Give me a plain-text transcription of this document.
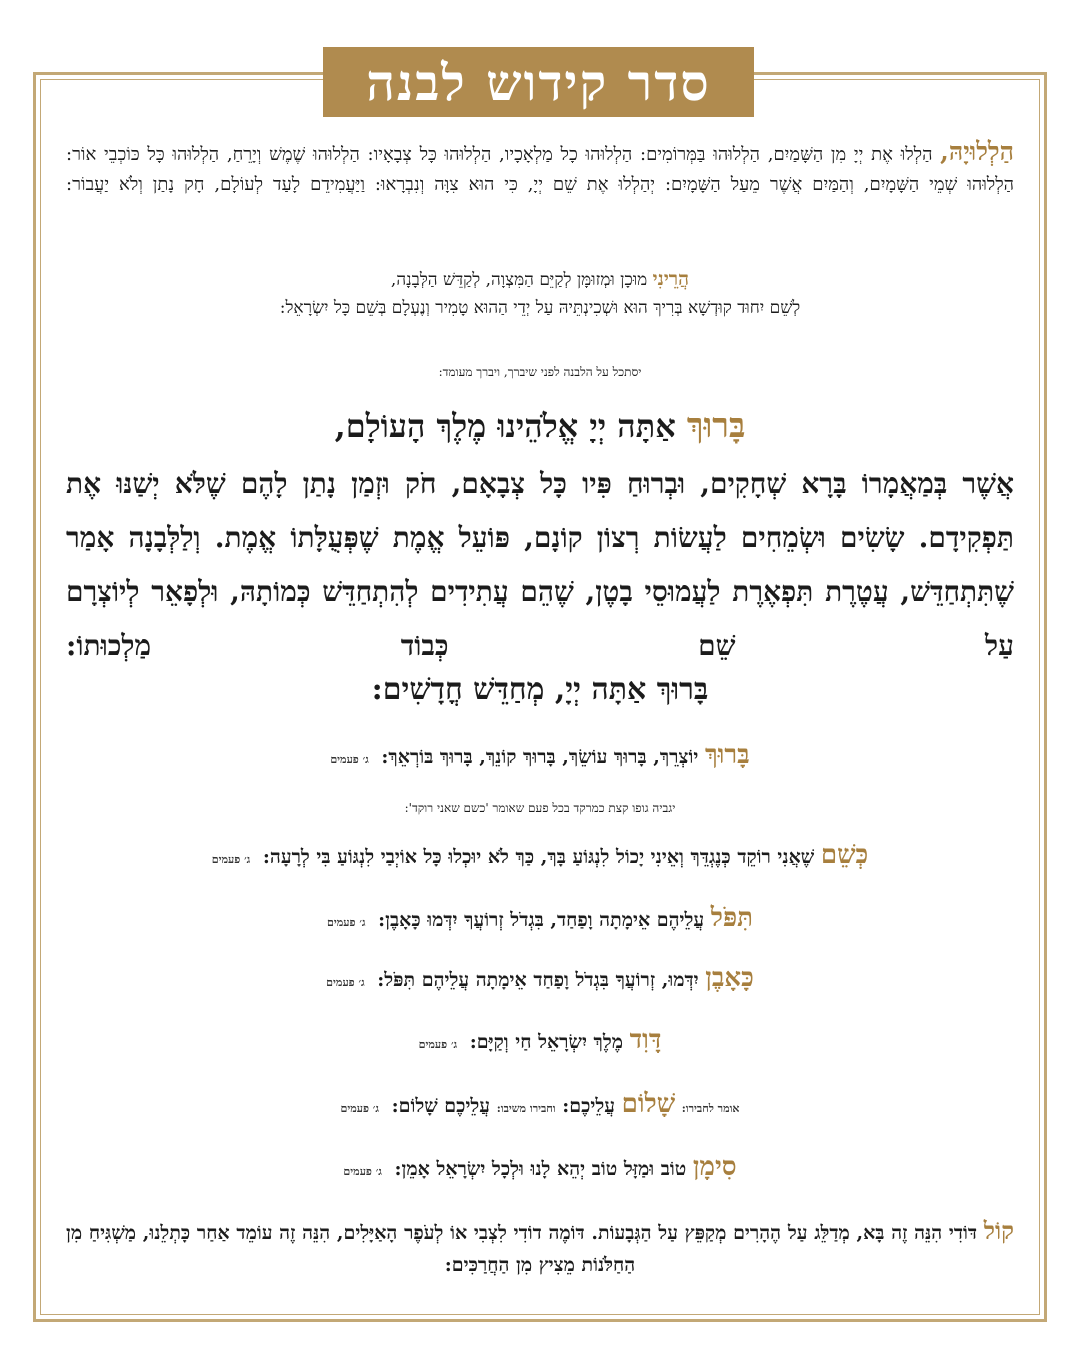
סדר קידוש לבנה
הַלְלוּיָהּ, הַלְלוּ אֶת יְיָ מִן הַשָּׁמַיִם, הַלְלוּהוּ בַּמְּרוֹמִים: הַלְלוּהוּ כָל מַלְאָכָיו, הַלְלוּהוּ כָּל צְבָאָיו: הַלְלוּהוּ שֶׁמֶשׁ וְיָרֵחַ, הַלְלוּהוּ כָּל כּוֹכְבֵי אוֹר: הַלְלוּהוּ שְׁמֵי הַשָּׁמָיִם, וְהַמַּיִם אֲשֶׁר מֵעַל הַשָּׁמָיִם: יְהַלְלוּ אֶת שֵׁם יְיָ, כִּי הוּא צִוָּה וְנִבְרָאוּ: וַיַּעֲמִידֵם לָעַד לְעוֹלָם, חָק נָתַן וְלֹא יַעֲבוֹר:
הֲרֵינִי מוּכָן וּמְזוּמָּן לְקַיֵּם הַמִּצְוָה, לְקַדֵּשׁ הַלְּבָנָה,
לְשֵׁם יִחוּד קוּדְשָׁא בְּרִיךְ הוּא וּשְׁכִינְתֵּיהּ עַל יְדֵי הַהוּא טָמִיר וְנֶעְלָם בְּשֵׁם כָּל יִשְׂרָאֵל:
יסתכל על הלבנה לפני שיברך, ויברך מעומד:
בָּרוּךְ אַתָּה יְיָ אֱלֹהֵינוּ מֶלֶךְ הָעוֹלָם,
אֲשֶׁר בְּמַאֲמָרוֹ בָּרָא שְׁחָקִים, וּבְרוּחַ פִּיו כָּל צְבָאָם, חֹק וּזְמַן נָתַן לָהֶם שֶׁלֹּא יְשַׁנּוּ אֶת תַּפְקִידָם. שָׂשִׂים וּשְׂמֵחִים לַעֲשׂוֹת רְצוֹן קוֹנָם, פּוֹעֵל אֱמֶת שֶׁפְּעֻלָּתוֹ אֱמֶת. וְלַלְּבָנָה אָמַר שֶׁתִּתְחַדֵּשׁ, עֲטֶרֶת תִּפְאֶרֶת לַעֲמוּסֵי בָטֶן, שֶׁהֵם עֲתִידִים לְהִתְחַדֵּשׁ כְּמוֹתָהּ, וּלְפָאֵר לְיוֹצְרָם עַל שֵׁם כְּבוֹד מַלְכוּתוֹ:
בָּרוּךְ אַתָּה יְיָ, מְחַדֵּשׁ חֳדָשִׁים:
בָּרוּךְ יוֹצְרֵךְ, בָּרוּךְ עוֹשֵׂךְ, בָּרוּךְ קוֹנֵךְ, בָּרוּךְ בּוֹרְאֵךְ: ג׳ פעמים
יגביה גופו קצת כמרקד בכל פעם שאומר 'כשם שאני רוקד':
כְּשֵׁם שֶׁאֲנִי רוֹקֵד כְּנֶגְדֵּךְ וְאֵינִי יָכוֹל לִנְגּוֹעַ בָּךְ, כַּךְ לֹא יוּכְלוּ כָּל אוֹיְבַי לִנְגּוֹעַ בִּי לְרָעָה: ג׳ פעמים
תִּפֹּל עֲלֵיהֶם אֵימָתָה וָפַחַד, בִּגְדֹל זְרוֹעֲךָ יִדְּמוּ כָּאָבֶן: ג׳ פעמים
כָּאָבֶן יִדְּמוּ, זְרוֹעֲךָ בִּגְדֹל וָפַחַד אֵימָתָה עֲלֵיהֶם תִּפֹּל: ג׳ פעמים
דָּוִד מֶלֶךְ יִשְׂרָאֵל חַי וְקַיָּם: ג׳ פעמים
אומר לחבירו: שָׁלוֹם עֲלֵיכֶם: וחבירו משיבו: עֲלֵיכֶם שָׁלוֹם: ג׳ פעמים
סִימָן טוֹב וּמַזָּל טוֹב יְהֵא לָנוּ וּלְכָל יִשְׂרָאֵל אָמֵן: ג׳ פעמים
קוֹל דּוֹדִי הִנֵּה זֶה בָּא, מְדַלֵּג עַל הֶהָרִים מְקַפֵּץ עַל הַגְּבָעוֹת. דּוֹמֶה דוֹדִי לִצְבִי אוֹ לְעֹפֶר הָאַיָּלִים, הִנֵּה זֶה עוֹמֵד אַחַר כָּתְלֵנוּ, מַשְׁגִּיחַ מִן הַחַלֹּנוֹת מֵצִיץ מִן הַחֲרַכִּים:
